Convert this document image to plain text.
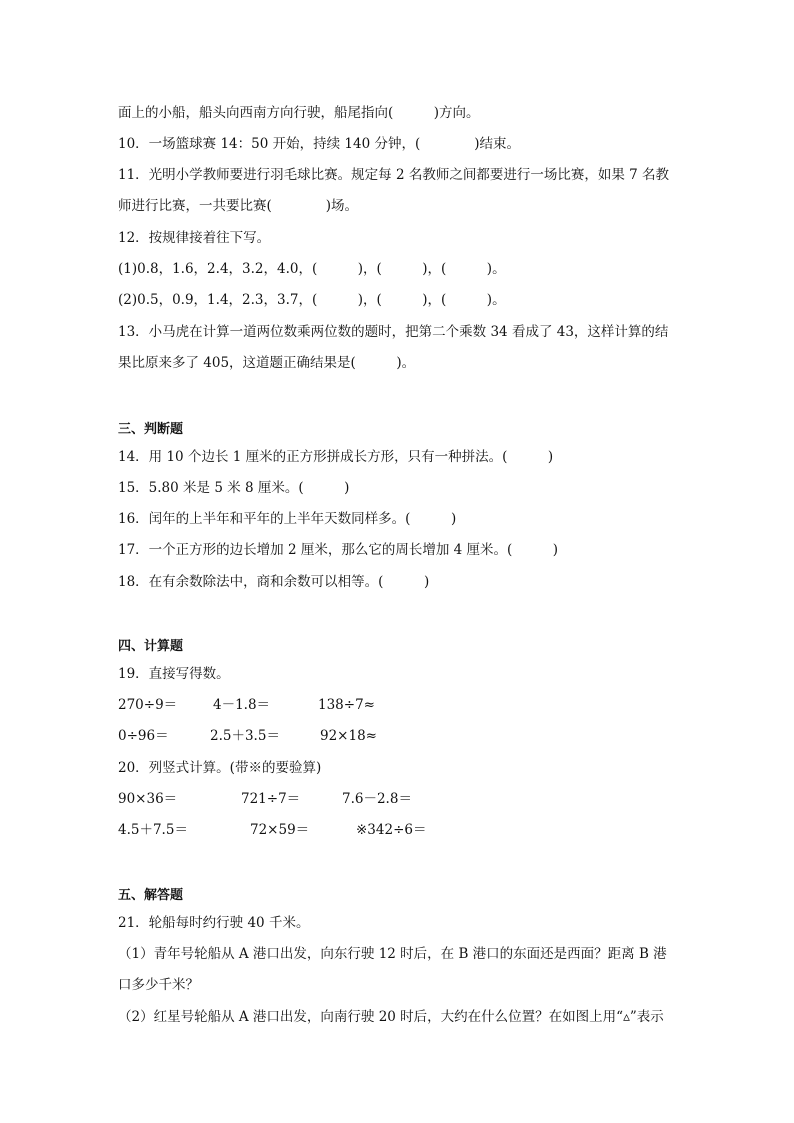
面上的小船，船头向西南方向行驶，船尾指向(　　　)方向。
10．一场篮球赛 14：50 开始，持续 140 分钟，(　　　　)结束。
11．光明小学教师要进行羽毛球比赛。规定每 2 名教师之间都要进行一场比赛，如果 7 名教
师进行比赛，一共要比赛(　　　　)场。
12．按规律接着往下写。
(1)0.8，1.6，2.4，3.2，4.0，(　　　)，(　　　)，(　　　)。
(2)0.5，0.9，1.4，2.3，3.7，(　　　)，(　　　)，(　　　)。
13．小马虎在计算一道两位数乘两位数的题时，把第二个乘数 34 看成了 43，这样计算的结
果比原来多了 405，这道题正确结果是(　　　)。
三、判断题
14．用 10 个边长 1 厘米的正方形拼成长方形，只有一种拼法。(　　　)
15．5.80 米是 5 米 8 厘米。(　　　)
16．闰年的上半年和平年的上半年天数同样多。(　　　)
17．一个正方形的边长增加 2 厘米，那么它的周长增加 4 厘米。(　　　)
18．在有余数除法中，商和余数可以相等。(　　　)
四、计算题
19．直接写得数。
270÷9＝	4－1.8＝	138÷7≈
0÷96＝	2.5＋3.5＝	92×18≈
20．列竖式计算。(带※的要验算)
90×36＝	721÷7＝	7.6－2.8＝
4.5＋7.5＝	72×59＝	※342÷6＝
五、解答题
21．轮船每时约行驶 40 千米。
（1）青年号轮船从 A 港口出发，向东行驶 12 时后，在 B 港口的东面还是西面？距离 B 港
口多少千米？
（2）红星号轮船从 A 港口出发，向南行驶 20 时后，大约在什么位置？在如图上用“▵”表示
